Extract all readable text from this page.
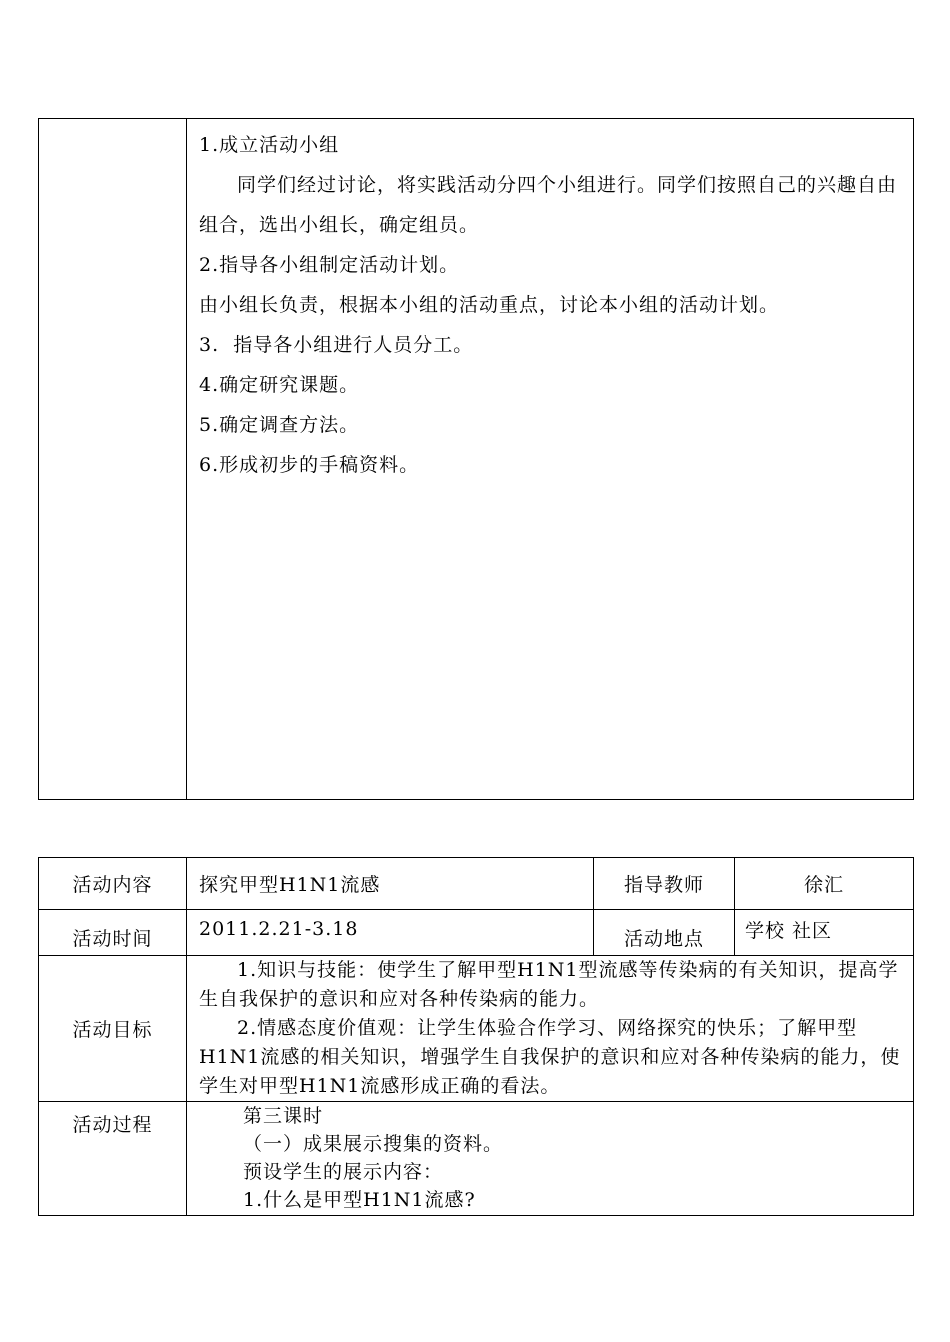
1.成立活动小组

同学们经过讨论，将实践活动分四个小组进行。同学们按照自己的兴趣自由组合，选出小组长，确定组员。

2.指导各小组制定活动计划。

由小组长负责，根据本小组的活动重点，讨论本小组的活动计划。

3.  指导各小组进行人员分工。

4.确定研究课题。

5.确定调查方法。

6.形成初步的手稿资料。

活动内容	探究甲型H1N1流感	指导教师	徐汇
活动时间	2011.2.21-3.18	活动地点	学校 社区
活动目标	1.知识与技能：使学生了解甲型H1N1型流感等传染病的有关知识，提高学生自我保护的意识和应对各种传染病的能力。

2.情感态度价值观：让学生体验合作学习、网络探究的快乐；了解甲型H1N1流感的相关知识，增强学生自我保护的意识和应对各种传染病的能力，使学生对甲型H1N1流感形成正确的看法。		

活动过程	第三课时

（一）成果展示搜集的资料。

预设学生的展示内容：

1.什么是甲型H1N1流感?		
